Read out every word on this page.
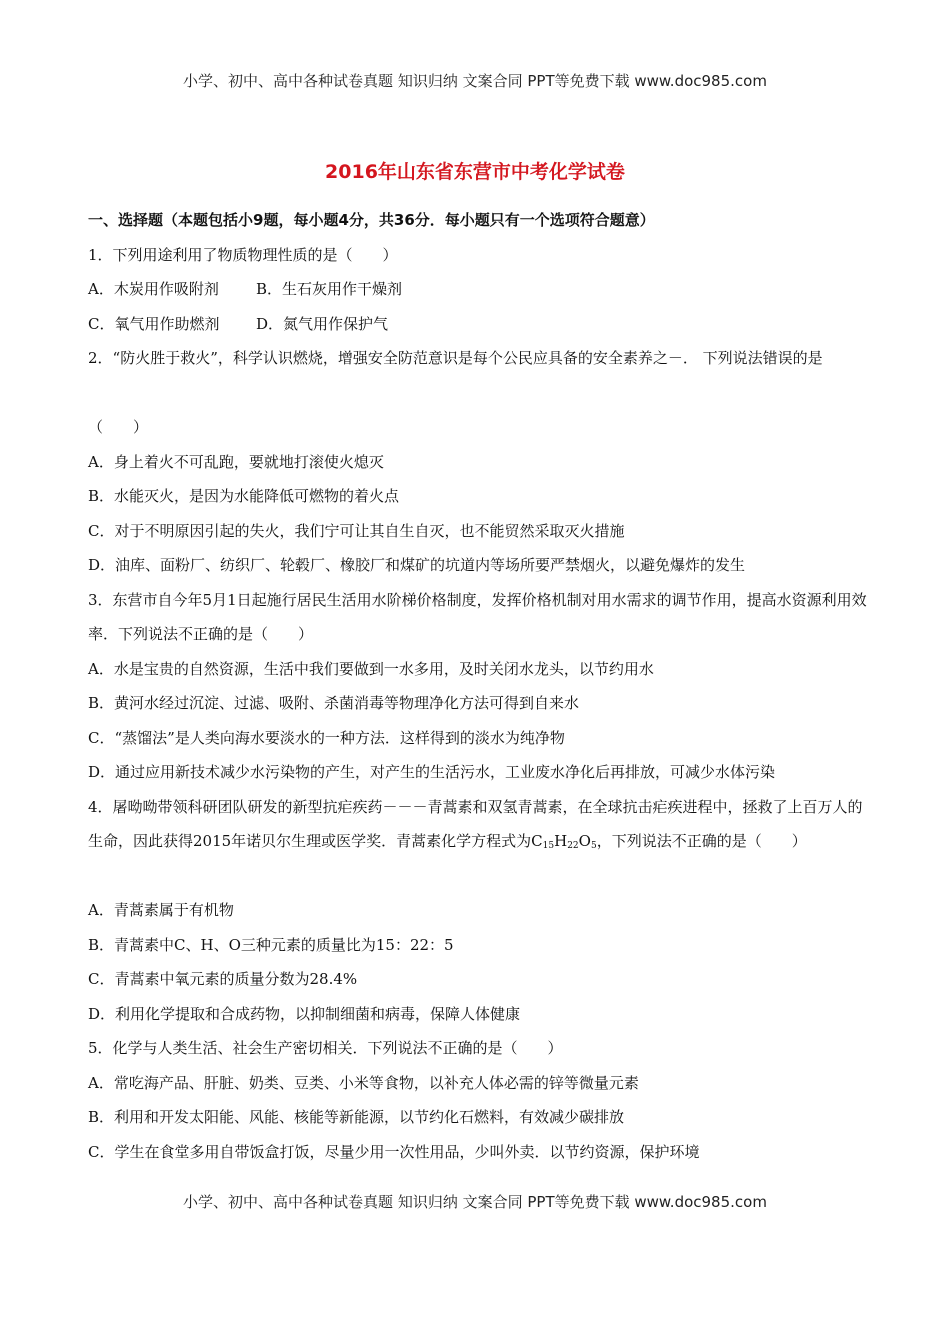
小学、初中、高中各种试卷真题 知识归纳 文案合同 PPT等免费下载 www.doc985.com
2016年山东省东营市中考化学试卷
一、选择题（本题包括小9题，每小题4分，共36分．每小题只有一个选项符合题意）
1．下列用途利用了物质物理性质的是（　　）
A．木炭用作吸附剂 B．生石灰用作干燥剂
C．氧气用作助燃剂 D．氮气用作保护气
2．“防火胜于救火”，科学认识燃烧，增强安全防范意识是每个公民应具备的安全素养之－． 下列说法错误的是
（　　）
A．身上着火不可乱跑，要就地打滚使火熄灭
B．水能灭火，是因为水能降低可燃物的着火点
C．对于不明原因引起的失火，我们宁可让其自生自灭，也不能贸然采取灭火措施
D．油库、面粉厂、纺织厂、轮毂厂、橡胶厂和煤矿的坑道内等场所要严禁烟火，以避免爆炸的发生
3．东营市自今年5月1日起施行居民生活用水阶梯价格制度，发挥价格机制对用水需求的调节作用，提高水资源利用效率．下列说法不正确的是（　　）
A．水是宝贵的自然资源，生活中我们要做到一水多用，及时关闭水龙头，以节约用水
B．黄河水经过沉淀、过滤、吸附、杀菌消毒等物理净化方法可得到自来水
C．“蒸馏法”是人类向海水要淡水的一种方法．这样得到的淡水为纯净物
D．通过应用新技术减少水污染物的产生，对产生的生活污水，工业废水净化后再排放，可减少水体污染
4．屠呦呦带领科研团队研发的新型抗疟疾药－－－青蒿素和双氢青蒿素，在全球抗击疟疾进程中，拯救了上百万人的生命，因此获得2015年诺贝尔生理或医学奖．青蒿素化学方程式为$C_{15}H_{22}O_5$，下列说法不正确的是（　　）
A．青蒿素属于有机物
B．青蒿素中C、H、O三种元素的质量比为15：22：5
C．青蒿素中氧元素的质量分数为28.4%
D．利用化学提取和合成药物，以抑制细菌和病毒，保障人体健康
5．化学与人类生活、社会生产密切相关．下列说法不正确的是（　　）
A．常吃海产品、肝脏、奶类、豆类、小米等食物，以补充人体必需的锌等微量元素
B．利用和开发太阳能、风能、核能等新能源，以节约化石燃料，有效减少碳排放
C．学生在食堂多用自带饭盒打饭，尽量少用一次性用品，少叫外卖．以节约资源，保护环境
小学、初中、高中各种试卷真题 知识归纳 文案合同 PPT等免费下载 www.doc985.com
